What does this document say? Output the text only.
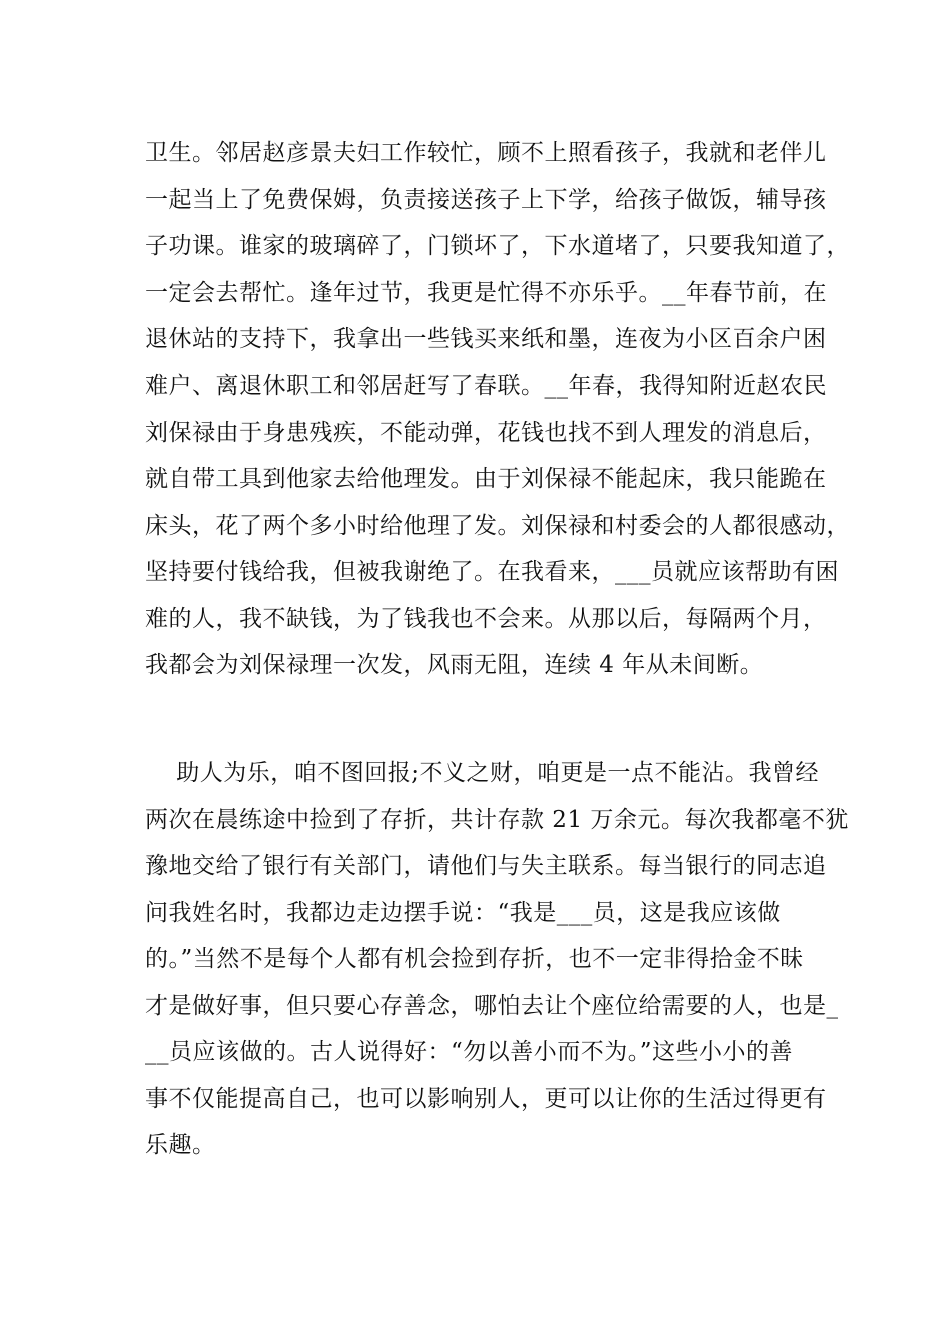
卫生。邻居赵彦景夫妇工作较忙，顾不上照看孩子，我就和老伴儿
一起当上了免费保姆，负责接送孩子上下学，给孩子做饭，辅导孩
子功课。谁家的玻璃碎了，门锁坏了，下水道堵了，只要我知道了，
一定会去帮忙。逢年过节，我更是忙得不亦乐乎。__年春节前，在
退休站的支持下，我拿出一些钱买来纸和墨，连夜为小区百余户困
难户、离退休职工和邻居赶写了春联。__年春，我得知附近赵农民
刘保禄由于身患残疾，不能动弹，花钱也找不到人理发的消息后，
就自带工具到他家去给他理发。由于刘保禄不能起床，我只能跪在
床头，花了两个多小时给他理了发。刘保禄和村委会的人都很感动，
坚持要付钱给我，但被我谢绝了。在我看来，___员就应该帮助有困
难的人，我不缺钱，为了钱我也不会来。从那以后，每隔两个月，
我都会为刘保禄理一次发，风雨无阻，连续 4 年从未间断。
助人为乐，咱不图回报;不义之财，咱更是一点不能沾。我曾经
两次在晨练途中捡到了存折，共计存款 21 万余元。每次我都毫不犹
豫地交给了银行有关部门，请他们与失主联系。每当银行的同志追
问我姓名时，我都边走边摆手说：“我是___员，这是我应该做
的。”当然不是每个人都有机会捡到存折，也不一定非得拾金不昧
才是做好事，但只要心存善念，哪怕去让个座位给需要的人，也是_
__员应该做的。古人说得好：“勿以善小而不为。”这些小小的善
事不仅能提高自己，也可以影响别人，更可以让你的生活过得更有
乐趣。
